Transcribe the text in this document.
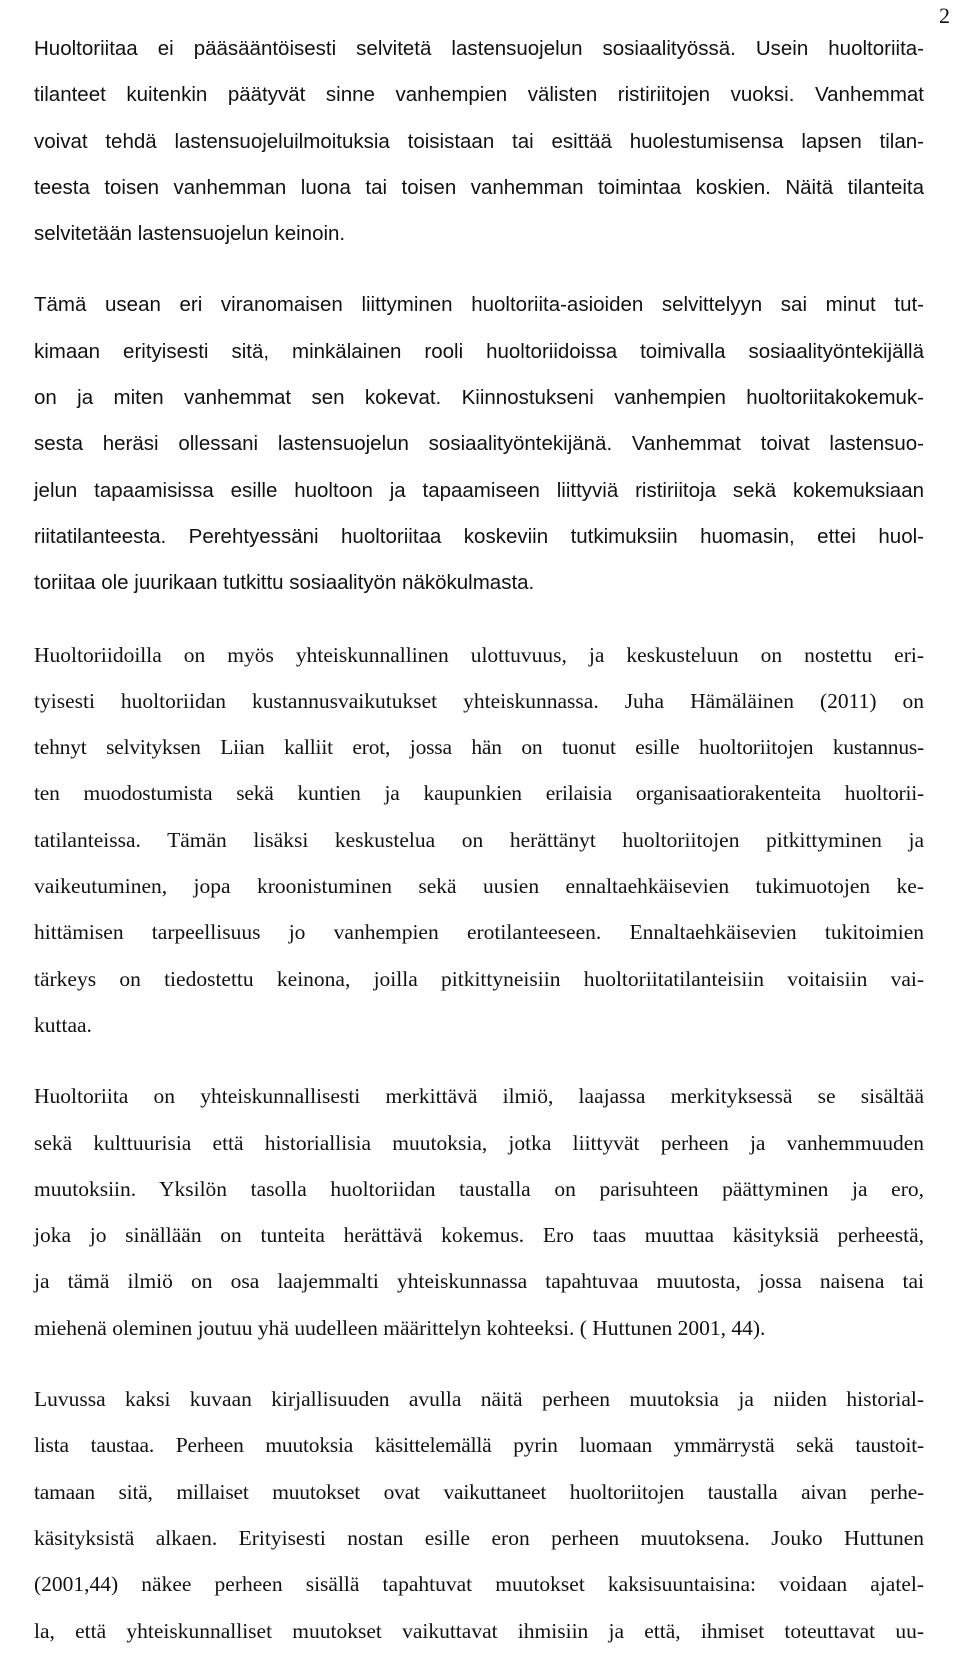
2

Huoltoriitaa ei pääsääntöisesti selvitetä lastensuojelun sosiaalityössä. Usein huoltoriita-
tilanteet kuitenkin päätyvät sinne vanhempien välisten ristiriitojen vuoksi. Vanhemmat
voivat tehdä lastensuojeluilmoituksia toisistaan tai esittää huolestumisensa lapsen tilan-
teesta toisen vanhemman luona tai toisen vanhemman toimintaa koskien. Näitä tilanteita
selvitetään lastensuojelun keinoin.

Tämä usean eri viranomaisen liittyminen huoltoriita-asioiden selvittelyyn sai minut tut-
kimaan erityisesti sitä, minkälainen rooli huoltoriidoissa toimivalla sosiaalityöntekijällä
on ja miten vanhemmat sen kokevat. Kiinnostukseni vanhempien huoltoriitakokemuk-
sesta heräsi ollessani lastensuojelun sosiaalityöntekijänä. Vanhemmat toivat lastensuo-
jelun tapaamisissa esille huoltoon ja tapaamiseen liittyviä ristiriitoja sekä kokemuksiaan
riitatilanteesta. Perehtyessäni huoltoriitaa koskeviin tutkimuksiin huomasin, ettei huol-
toriitaa ole juurikaan tutkittu sosiaalityön näkökulmasta.

Huoltoriidoilla on myös yhteiskunnallinen ulottuvuus, ja keskusteluun on nostettu eri-
tyisesti huoltoriidan kustannusvaikutukset yhteiskunnassa. Juha Hämäläinen (2011) on
tehnyt selvityksen Liian kalliit erot, jossa hän on tuonut esille huoltoriitojen kustannus-
ten muodostumista sekä kuntien ja kaupunkien erilaisia organisaatiorakenteita huoltorii-
tatilanteissa. Tämän lisäksi keskustelua on herättänyt huoltoriitojen pitkittyminen ja
vaikeutuminen, jopa kroonistuminen sekä uusien ennaltaehkäisevien tukimuotojen ke-
hittämisen tarpeellisuus jo vanhempien erotilanteeseen. Ennaltaehkäisevien tukitoimien
tärkeys on tiedostettu keinona, joilla pitkittyneisiin huoltoriitatilanteisiin voitaisiin vai-
kuttaa.

Huoltoriita on yhteiskunnallisesti merkittävä ilmiö, laajassa merkityksessä se sisältää
sekä kulttuurisia että historiallisia muutoksia, jotka liittyvät perheen ja vanhemmuuden
muutoksiin. Yksilön tasolla huoltoriidan taustalla on parisuhteen päättyminen ja ero,
joka jo sinällään on tunteita herättävä kokemus. Ero taas muuttaa käsityksiä perheestä,
ja tämä ilmiö on osa laajemmalti yhteiskunnassa tapahtuvaa muutosta, jossa naisena tai
miehenä oleminen joutuu yhä uudelleen määrittelyn kohteeksi. ( Huttunen 2001, 44).

Luvussa kaksi kuvaan kirjallisuuden avulla näitä perheen muutoksia ja niiden historial-
lista taustaa. Perheen muutoksia käsittelemällä pyrin luomaan ymmärrystä sekä taustoit-
tamaan sitä, millaiset muutokset ovat vaikuttaneet huoltoriitojen taustalla aivan perhe-
käsityksistä alkaen. Erityisesti nostan esille eron perheen muutoksena. Jouko Huttunen
(2001,44) näkee perheen sisällä tapahtuvat muutokset kaksisuuntaisina: voidaan ajatel-
la, että yhteiskunnalliset muutokset vaikuttavat ihmisiin ja että, ihmiset toteuttavat uu-
